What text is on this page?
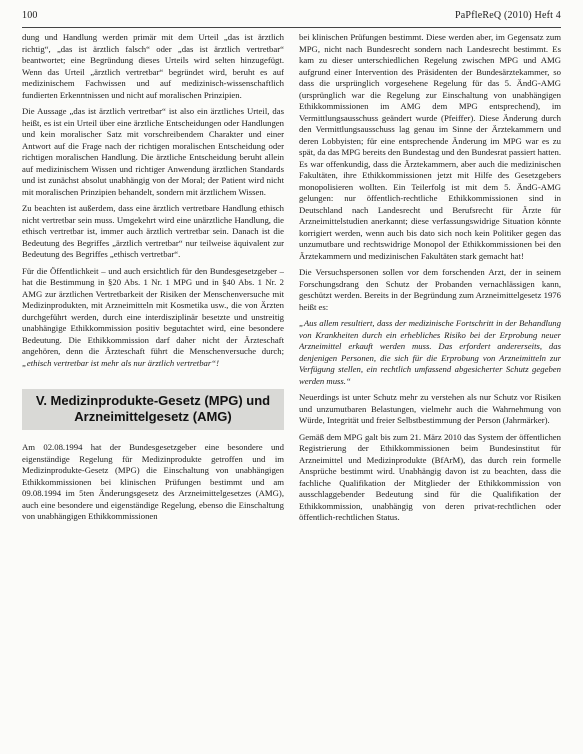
100	PaPfleReQ (2010) Heft 4

dung und Handlung werden primär mit dem Urteil „das ist ärztlich richtig“, „das ist ärztlich falsch“ oder „das ist ärztlich vertretbar“ beantwortet; eine Begründung dieses Urteils wird selten hinzugefügt. Wenn das Urteil „ärztlich vertretbar“ begründet wird, beruht es auf medizinischem Fachwissen und auf medizinisch-wissenschaftlich fundierten Erkenntnissen und nicht auf moralischen Prinzipien.

Die Aussage „das ist ärztlich vertretbar“ ist also ein ärztliches Urteil, das heißt, es ist ein Urteil über eine ärztliche Entscheidungen oder Handlungen und kein moralischer Satz mit vorschreibendem Charakter und einer Antwort auf die Frage nach der richtigen moralischen Entscheidung oder richtigen moralischen Handlung. Die ärztliche Entscheidung beruht allein auf medizinischem Wissen und richtiger Anwendung ärztlichen Standards und ist zunächst absolut unabhängig von der Moral; der Patient wird nicht mit moralischen Prinzipien behandelt, sondern mit ärztlichem Wissen.

Zu beachten ist außerdem, dass eine ärztlich vertretbare Handlung ethisch nicht vertretbar sein muss. Umgekehrt wird eine unärztliche Handlung, die ethisch vertretbar ist, immer auch ärztlich vertretbar sein. Danach ist die Bedeutung des Begriffes „ärztlich vertretbar“ nur teilweise äquivalent zur Bedeutung des Begriffes „ethisch vertretbar“.

Für die Öffentlichkeit – und auch ersichtlich für den Bundesgesetzgeber – hat die Bestimmung in §20 Abs. 1 Nr. 1 MPG und in §40 Abs. 1 Nr. 2 AMG zur ärztlichen Vertretbarkeit der Risiken der Menschenversuche mit Medizinprodukten, mit Arzneimitteln mit Kosmetika usw., die von Ärzten durchgeführt werden, durch eine interdisziplinär besetzte und unstreitig unabhängige Ethikkommission positiv begutachtet wird, eine besondere Bedeutung. Die Ethikkommission darf daher nicht der Ärzteschaft angehören, denn die Ärzteschaft führt die Menschenversuche durch; „ethisch vertretbar ist mehr als nur ärztlich vertretbar“!

V. Medizinprodukte-Gesetz (MPG) und
Arzneimittelgesetz (AMG)

Am 02.08.1994 hat der Bundesgesetzgeber eine besondere und eigenständige Regelung für Medizinprodukte getroffen und im Medizinprodukte-Gesetz (MPG) die Einschaltung von unabhängigen Ethikkommissionen bei klinischen Prüfungen bestimmt und am 09.08.1994 im 5ten Änderungsgesetz des Arzneimittelgesetzes (AMG), auch eine besondere und eigenständige Regelung, ebenso die Einschaltung von unabhängigen Ethikkommissionen

bei klinischen Prüfungen bestimmt. Diese werden aber, im Gegensatz zum MPG, nicht nach Bundesrecht sondern nach Landesrecht bestimmt. Es kam zu dieser unterschiedlichen Regelung zwischen MPG und AMG aufgrund einer Intervention des Präsidenten der Bundesärztekammer, so dass die ursprünglich vorgesehene Regelung für das 5. ÄndG-AMG (ursprünglich war die Regelung zur Einschaltung von unabhängigen Ethikkommissionen im AMG dem MPG entsprechend), im Vermittlungsausschuss geändert wurde (Pfeiffer). Diese Änderung durch den Vermittlungsausschuss lag genau im Sinne der Ärztekammern und deren Lobbyisten; für eine entsprechende Änderung im MPG war es zu spät, da das MPG bereits den Bundestag und den Bundesrat passiert hatten. Es war offenkundig, dass die Ärztekammern, aber auch die medizinischen Fakultäten, ihre Ethikkommissionen jetzt mit Hilfe des Gesetzgebers monopolisieren wollten. Ein Teilerfolg ist mit dem 5. ÄndG-AMG gelungen: nur öffentlich-rechtliche Ethikkommissionen sind in Deutschland nach Landesrecht und Berufsrecht für Ärzte für Arzneimittelstudien anerkannt; diese verfassungswidrige Situation könnte korrigiert werden, wenn auch bis dato sich noch kein Politiker gegen das unzumutbare und rechtswidrige Monopol der Ethikkommissionen bei den Ärztekammern und medizinischen Fakultäten stark gemacht hat!

Die Versuchspersonen sollen vor dem forschenden Arzt, der in seinem Forschungsdrang den Schutz der Probanden vernachlässigen kann, geschützt werden. Bereits in der Begründung zum Arzneimittelgesetz 1976 heißt es:

„Aus allem resultiert, dass der medizinische Fortschritt in der Behandlung von Krankheiten durch ein erhebliches Risiko bei der Erprobung neuer Arzneimittel erkauft werden muss. Das erfordert andererseits, das denjenigen Personen, die sich für die Erprobung von Arzneimitteln zur Verfügung stellen, ein rechtlich umfassend abgesicherter Schutz gegeben werden muss.“

Neuerdings ist unter Schutz mehr zu verstehen als nur Schutz vor Risiken und unzumutbaren Belastungen, vielmehr auch die Wahrnehmung von Würde, Integrität und freier Selbstbestimmung der Person (Jahrmärker).

Gemäß dem MPG galt bis zum 21. März 2010 das System der öffentlichen Registrierung der Ethikkommissionen beim Bundesinstitut für Arzneimittel und Medizinprodukte (BfArM), das durch rein formelle Ansprüche bestimmt wird. Unabhängig davon ist zu beachten, dass die fachliche Qualifikation der Mitglieder der Ethikkommission von ausschlaggebender Bedeutung sind für die Qualifikation der Ethikkommission, unabhängig von deren privat-rechtlichen oder öffentlich-rechtlichen Status.
